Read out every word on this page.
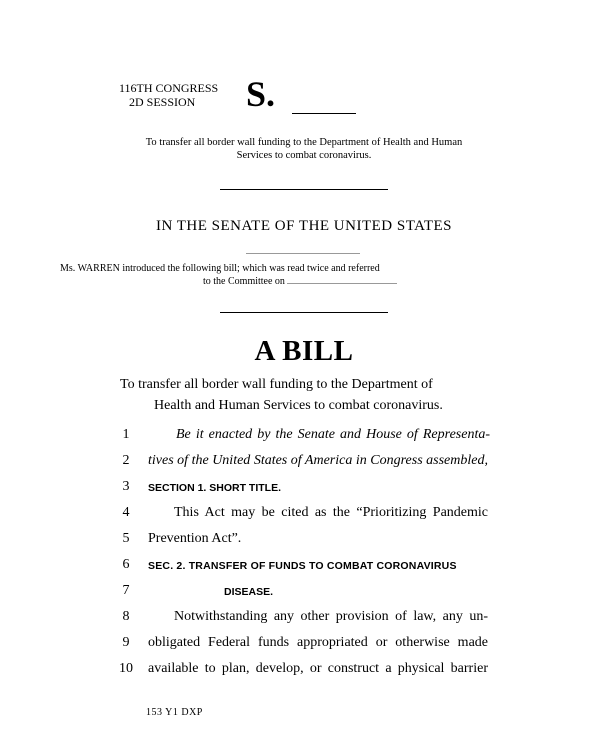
116TH CONGRESS
2D SESSION	S.
To transfer all border wall funding to the Department of Health and Human
Services to combat coronavirus.
IN THE SENATE OF THE UNITED STATES
Ms. WARREN introduced the following bill; which was read twice and referred
to the Committee on
A BILL
To transfer all border wall funding to the Department of
Health and Human Services to combat coronavirus.
1	Be it enacted by the Senate and House of Representa-
2	tives of the United States of America in Congress assembled,
3	SECTION 1. SHORT TITLE.
4	This Act may be cited as the “Prioritizing Pandemic
5	Prevention Act”.
6	SEC. 2. TRANSFER OF FUNDS TO COMBAT CORONAVIRUS
7	DISEASE.
8	Notwithstanding any other provision of law, any un-
9	obligated Federal funds appropriated or otherwise made
10 available to plan, develop, or construct a physical barrier
153 Y1 DXP
